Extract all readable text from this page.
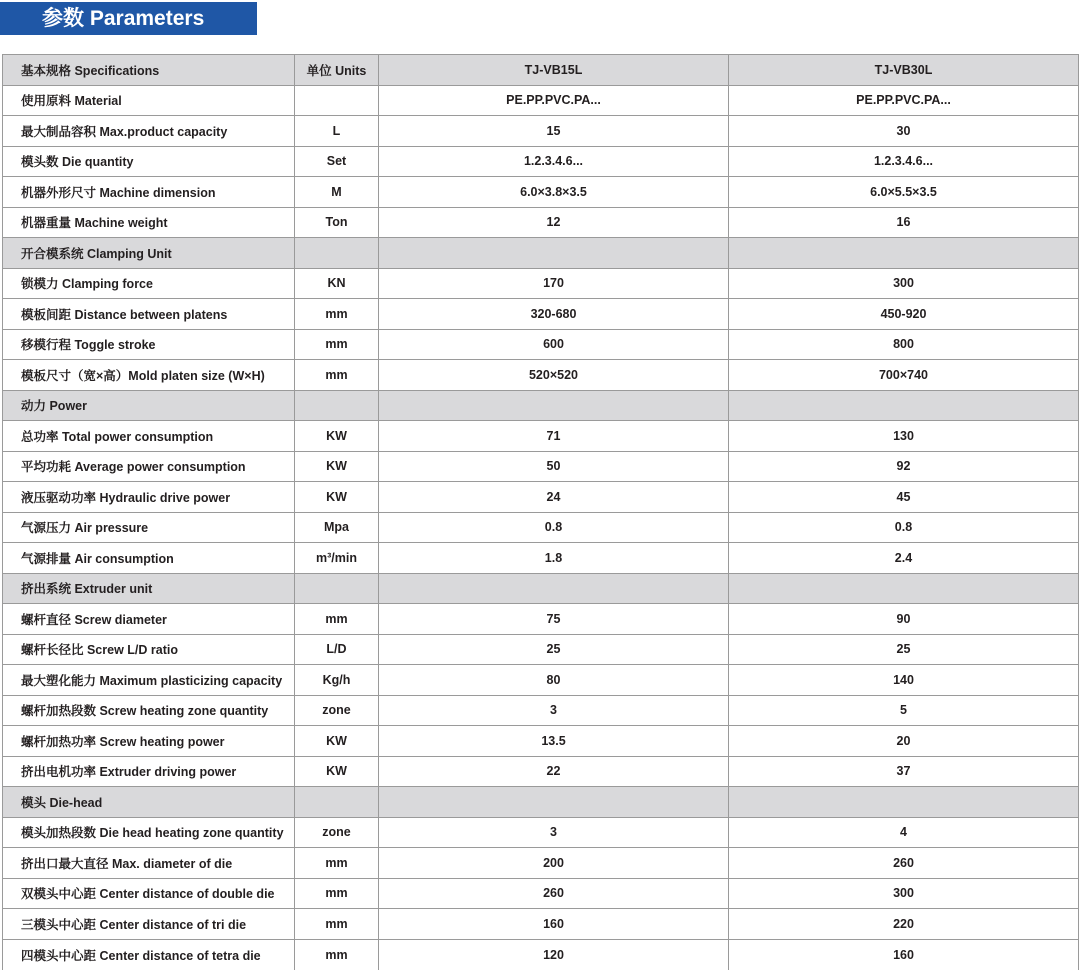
参数 Parameters
基本规格 Specifications	单位 Units	TJ-VB15L	TJ-VB30L
使用原料 Material		PE.PP.PVC.PA...	PE.PP.PVC.PA...
最大制品容积 Max.product capacity	L	15	30
模头数 Die quantity	Set	1.2.3.4.6...	1.2.3.4.6...
机器外形尺寸 Machine dimension	M	6.0×3.8×3.5	6.0×5.5×3.5
机器重量 Machine weight	Ton	12	16
开合模系统 Clamping Unit			
锁模力 Clamping force	KN	170	300
模板间距 Distance between platens	mm	320-680	450-920
移模行程 Toggle stroke	mm	600	800
模板尺寸（宽×高）Mold platen size (W×H)	mm	520×520	700×740
动力 Power			
总功率 Total power consumption	KW	71	130
平均功耗 Average power consumption	KW	50	92
液压驱动功率 Hydraulic drive power	KW	24	45
气源压力 Air pressure	Mpa	0.8	0.8
气源排量 Air consumption	m³/min	1.8	2.4
挤出系统 Extruder unit			
螺杆直径 Screw diameter	mm	75	90
螺杆长径比 Screw L/D ratio	L/D	25	25
最大塑化能力 Maximum plasticizing capacity	Kg/h	80	140
螺杆加热段数 Screw heating zone quantity	zone	3	5
螺杆加热功率 Screw heating power	KW	13.5	20
挤出电机功率 Extruder driving power	KW	22	37
模头 Die-head			
模头加热段数 Die head heating zone quantity	zone	3	4
挤出口最大直径 Max. diameter of die	mm	200	260
双模头中心距 Center distance of double die	mm	260	300
三模头中心距 Center distance of tri die	mm	160	220
四模头中心距 Center distance of tetra die	mm	120	160
